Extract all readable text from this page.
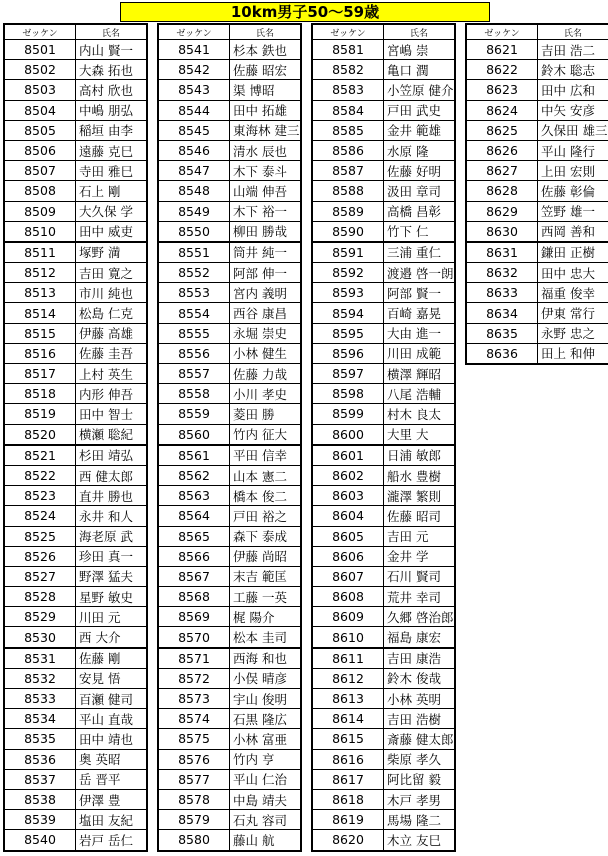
10km男子50～59歳
ゼッケン	氏名
8501	内山 賢一
8502	大森 拓也
8503	高村 欣也
8504	中嶋 朋弘
8505	稲垣 由李
8506	遠藤 克巳
8507	寺田 雅巳
8508	石上 剛
8509	大久保 学
8510	田中 威吏
8511	塚野 満
8512	吉田 寛之
8513	市川 純也
8514	松島 仁克
8515	伊藤 高雄
8516	佐藤 圭吾
8517	上村 英生
8518	内形 伸吾
8519	田中 智士
8520	横瀬 聡紀
8521	杉田 靖弘
8522	西 健太郎
8523	直井 勝也
8524	永井 和人
8525	海老原 武
8526	珍田 真一
8527	野澤 猛夫
8528	星野 敏史
8529	川田 元
8530	西 大介
8531	佐藤 剛
8532	安見 悟
8533	百瀬 健司
8534	平山 直哉
8535	田中 靖也
8536	奥 英昭
8537	岳 晋平
8538	伊澤 豊
8539	塩田 友紀
8540	岩戸 岳仁
ゼッケン	氏名
8541	杉本 鉄也
8542	佐藤 昭宏
8543	渠 博昭
8544	田中 拓雄
8545	東海林 建三
8546	清水 辰也
8547	木下 泰斗
8548	山端 伸吾
8549	木下 裕一
8550	柳田 勝哉
8551	筒井 純一
8552	阿部 伸一
8553	宮内 義明
8554	西谷 康昌
8555	永堀 崇史
8556	小林 健生
8557	佐藤 力哉
8558	小川 孝史
8559	菱田 勝
8560	竹内 征大
8561	平田 信幸
8562	山本 憲二
8563	橋本 俊二
8564	戸田 裕之
8565	森下 泰成
8566	伊藤 尚昭
8567	末吉 範匡
8568	工藤 一英
8569	梶 陽介
8570	松本 圭司
8571	西海 和也
8572	小俣 晴彦
8573	宇山 俊明
8574	石黒 隆広
8575	小林 富亜
8576	竹内 亨
8577	平山 仁治
8578	中島 靖夫
8579	石丸 容司
8580	藤山 航
ゼッケン	氏名
8581	宮嶋 崇
8582	亀口 潤
8583	小笠原 健介
8584	戸田 武史
8585	金井 範雄
8586	水原 隆
8587	佐藤 好明
8588	汲田 章司
8589	高橋 昌彰
8590	竹下 仁
8591	三浦 重仁
8592	渡邉 啓一朗
8593	阿部 賢一
8594	百崎 嘉晃
8595	大由 進一
8596	川田 成範
8597	横澤 輝昭
8598	八尾 浩輔
8599	村木 良太
8600	大里 大
8601	日浦 敏郎
8602	船水 豊樹
8603	瀧澤 繁則
8604	佐藤 昭司
8605	吉田 元
8606	金井 学
8607	石川 賢司
8608	荒井 幸司
8609	久郷 啓治郎
8610	福島 康宏
8611	吉田 康浩
8612	鈴木 俊哉
8613	小林 英明
8614	吉田 浩樹
8615	斎藤 健太郎
8616	柴原 孝久
8617	阿比留 毅
8618	木戸 孝男
8619	馬場 隆二
8620	木立 友巳
ゼッケン	氏名
8621	吉田 浩二
8622	鈴木 聡志
8623	田中 広和
8624	中矢 安彦
8625	久保田 雄三
8626	平山 隆行
8627	上田 宏則
8628	佐藤 彰倫
8629	笠野 雄一
8630	西岡 善和
8631	鎌田 正樹
8632	田中 忠大
8633	福重 俊幸
8634	伊東 常行
8635	永野 忠之
8636	田上 和伸
